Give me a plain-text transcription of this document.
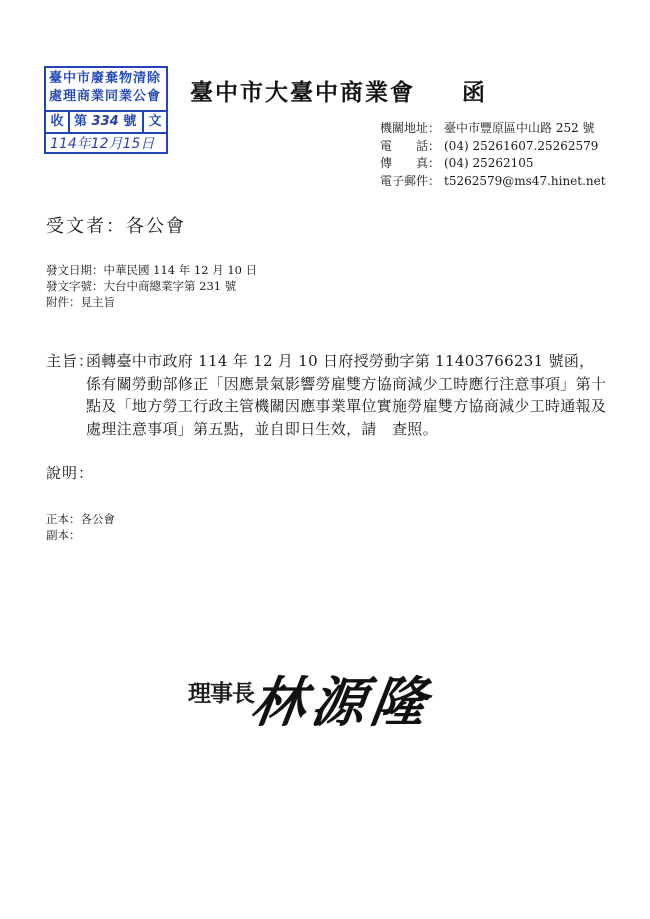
臺中市廢棄物清除
處理商業同業公會
收 第 334 號 文
114年12月15日
臺中市大臺中商業會 函
機關地址： 臺中市豐原區中山路 252 號
電　　話： (04) 25261607.25262579
傳　　真： (04) 25262105
電子郵件： t5262579@ms47.hinet.net
受文者：各公會
發文日期：中華民國 114 年 12 月 10 日
發文字號：大台中商總業字第 231 號
附件：見主旨
主旨：
函轉臺中市政府 114 年 12 月 10 日府授勞動字第 11403766231 號函，係有關勞動部修正「因應景氣影響勞雇雙方協商減少工時應行注意事項」第十點及「地方勞工行政主管機關因應事業單位實施勞雇雙方協商減少工時通報及處理注意事項」第五點，並自即日生效，請　查照。
說明：
正本：各公會
副本：
理事長
林源隆
